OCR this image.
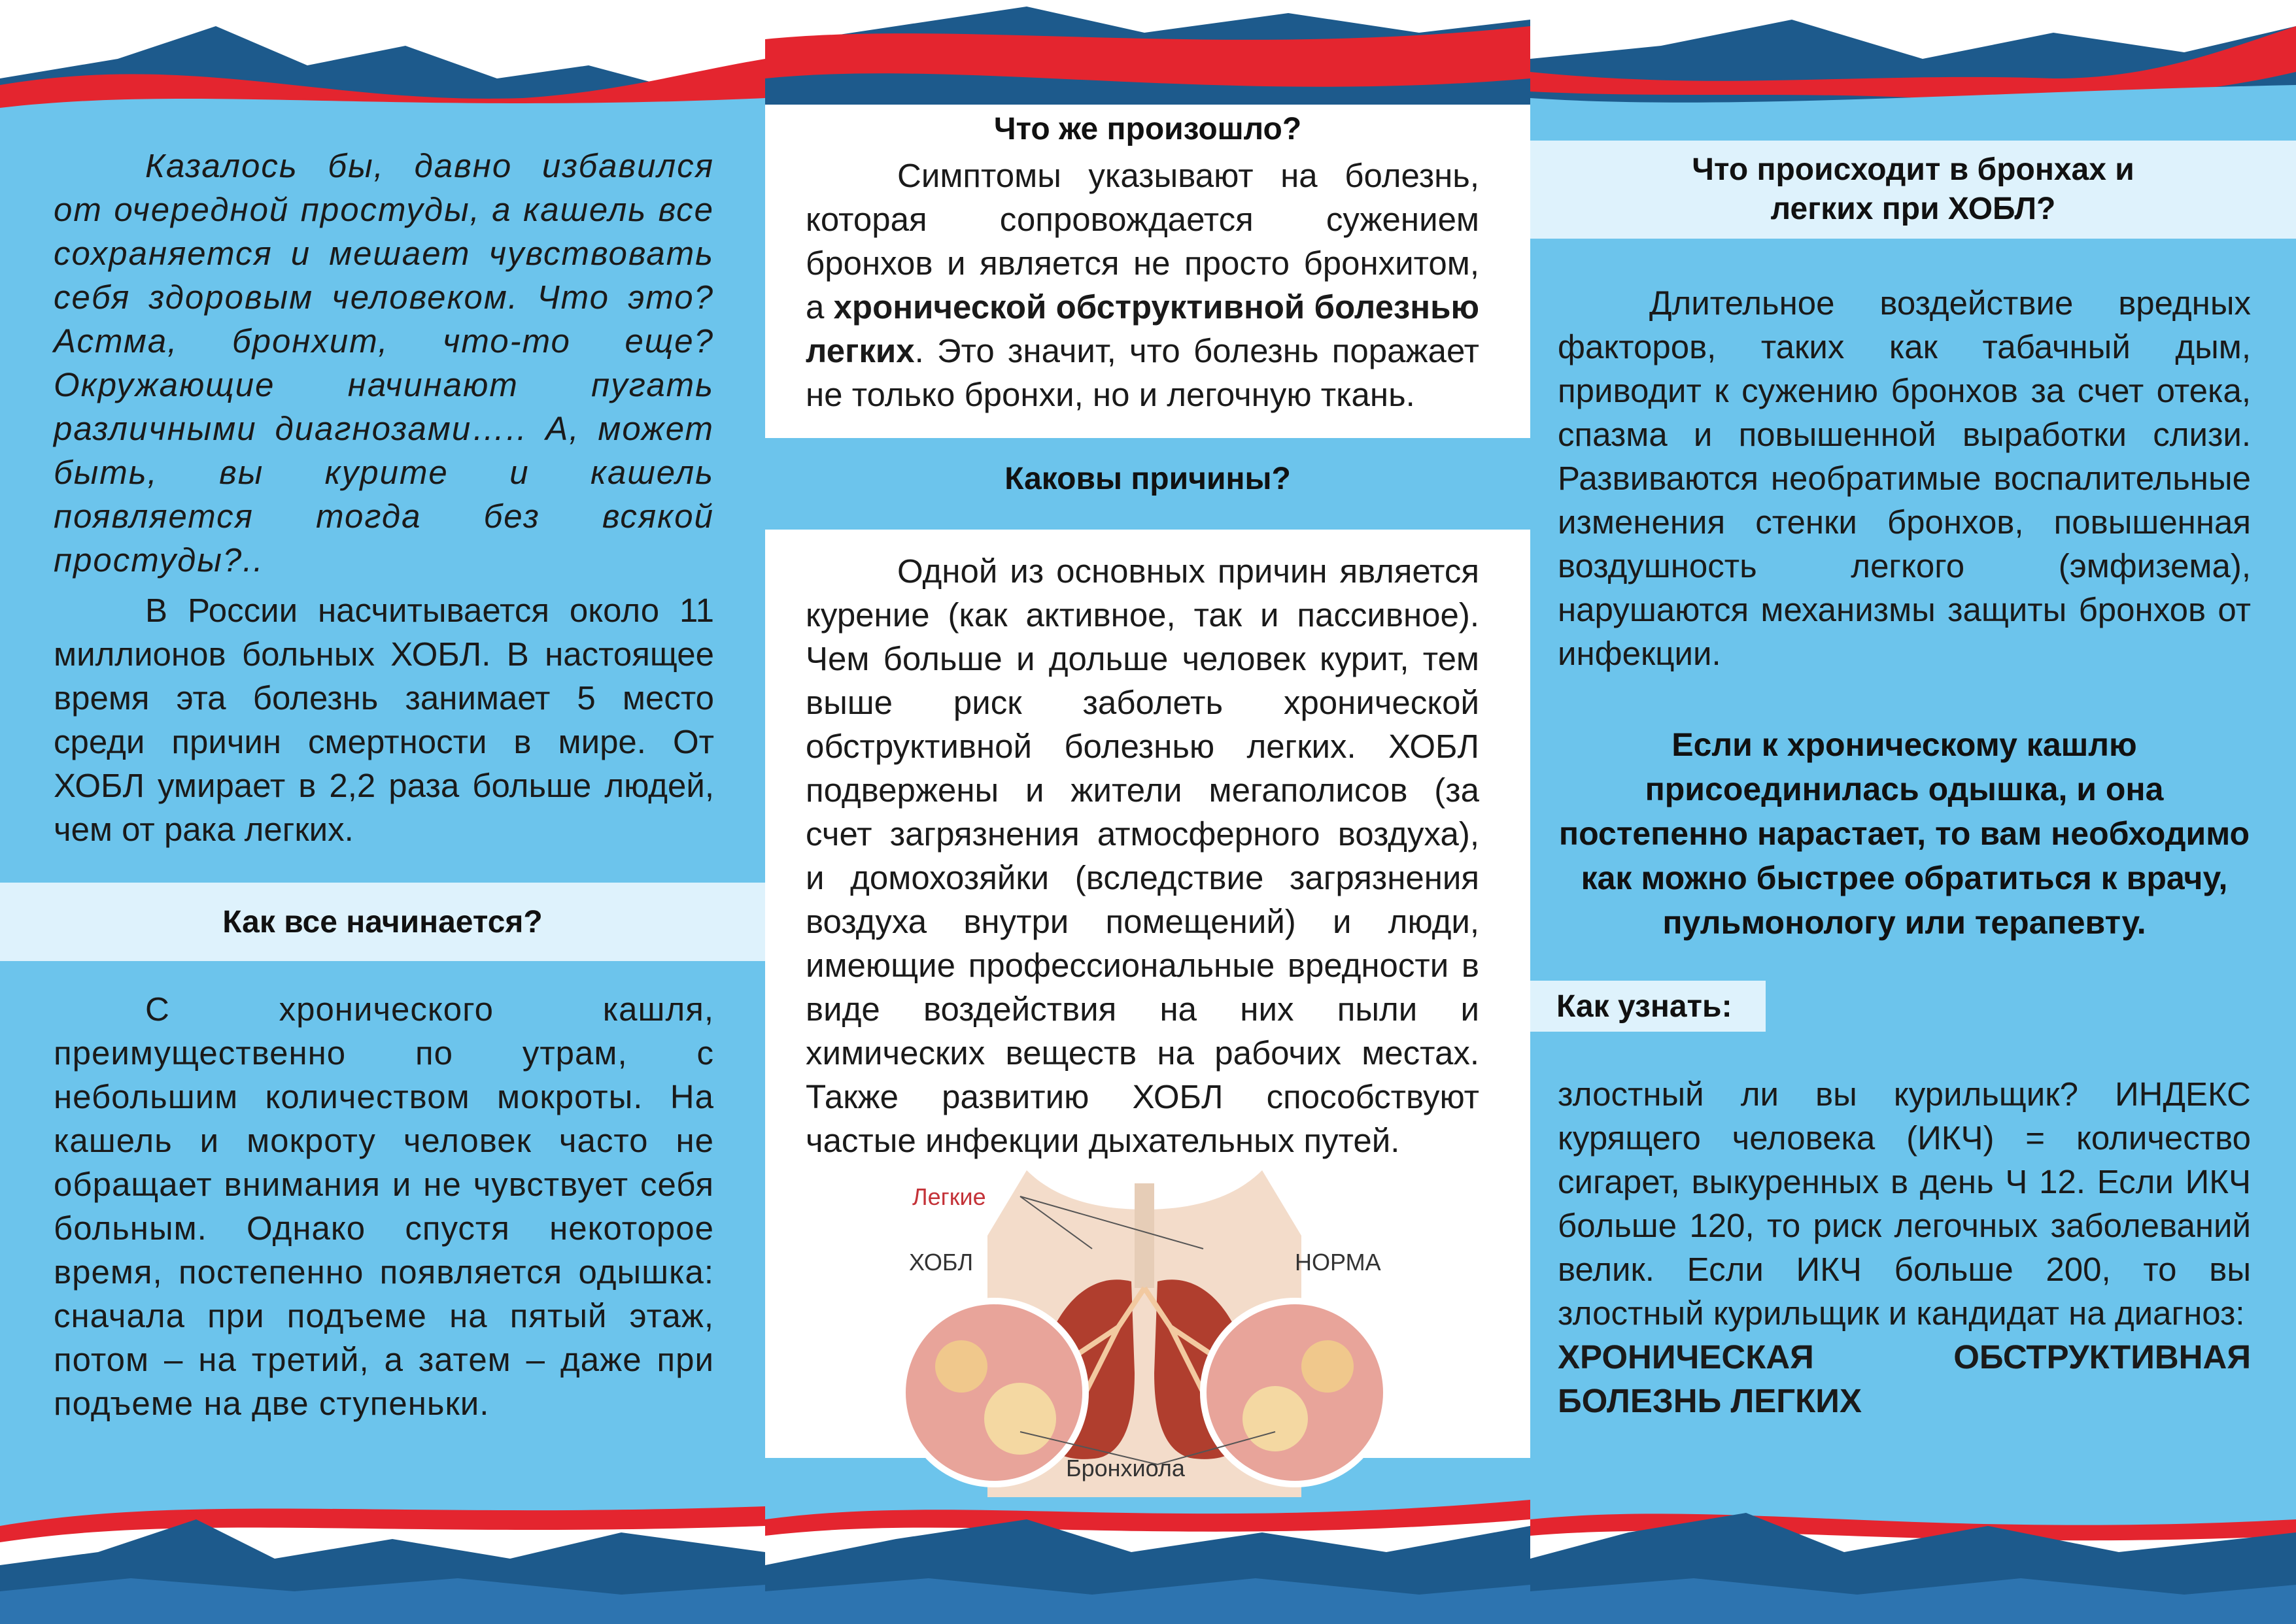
Казалось бы, давно избавился от очередной простуды, а кашель все сохраняется и мешает чувствовать себя здоровым человеком. Что это? Астма, бронхит, что-то еще? Окружающие начинают пугать различными диагнозами….. А, может быть, вы курите и кашель появляется тогда без всякой простуды?..

В России насчитывается около 11 миллионов больных ХОБЛ. В настоящее время эта болезнь занимает 5 место среди причин смертности в мире. От ХОБЛ умирает в 2,2 раза больше людей, чем от рака легких.

Как все начинается?

С хронического кашля, преимущественно по утрам, с небольшим количеством мокроты. На кашель и мокроту человек часто не обращает внимания и не чувствует себя больным. Однако спустя некоторое время, постепенно появляется одышка: сначала при подъеме на пятый этаж, потом – на третий, а затем – даже при подъеме на две ступеньки.

Что же произошло?

Симптомы указывают на болезнь, которая сопровождается сужением бронхов и является не просто бронхитом, а хронической обструктивной болезнью легких. Это значит, что болезнь поражает не только бронхи, но и легочную ткань.

Каковы причины?

Одной из основных причин является курение (как активное, так и пассивное). Чем больше и дольше человек курит, тем выше риск заболеть хронической обструктивной болезнью легких. ХОБЛ подвержены и жители мегаполисов (за счет загрязнения атмосферного воздуха), и домохозяйки (вследствие загрязнения воздуха внутри помещений) и люди, имеющие профессиональные вредности в виде воздействия на них пыли и химических веществ на рабочих местах. Также развитию ХОБЛ способствуют частые инфекции дыхательных путей.

Легкие
ХОБЛ	НОРМА
Бронхиола
Что происходит в бронхах и легких при ХОБЛ?

Длительное воздействие вредных факторов, таких как табачный дым, приводит к сужению бронхов за счет отека, спазма и повышенной выработки слизи. Развиваются необратимые воспалительные изменения стенки бронхов, повышенная воздушность легкого (эмфизема), нарушаются механизмы защиты бронхов от инфекции.

Если к хроническому кашлю присоединилась одышка, и она постепенно нарастает, то вам необходимо как можно быстрее обратиться к врачу, пульмонологу или терапевту.
Как узнать:

злостный ли вы курильщик? ИНДЕКС курящего человека (ИКЧ) = количество сигарет, выкуренных в день Ч 12. Если ИКЧ больше 120, то риск легочных заболеваний велик. Если ИКЧ больше 200, то вы злостный курильщик и кандидат на диагноз:

ХРОНИЧЕСКАЯ ОБСТРУКТИВНАЯ БОЛЕЗНЬ ЛЕГКИХ
